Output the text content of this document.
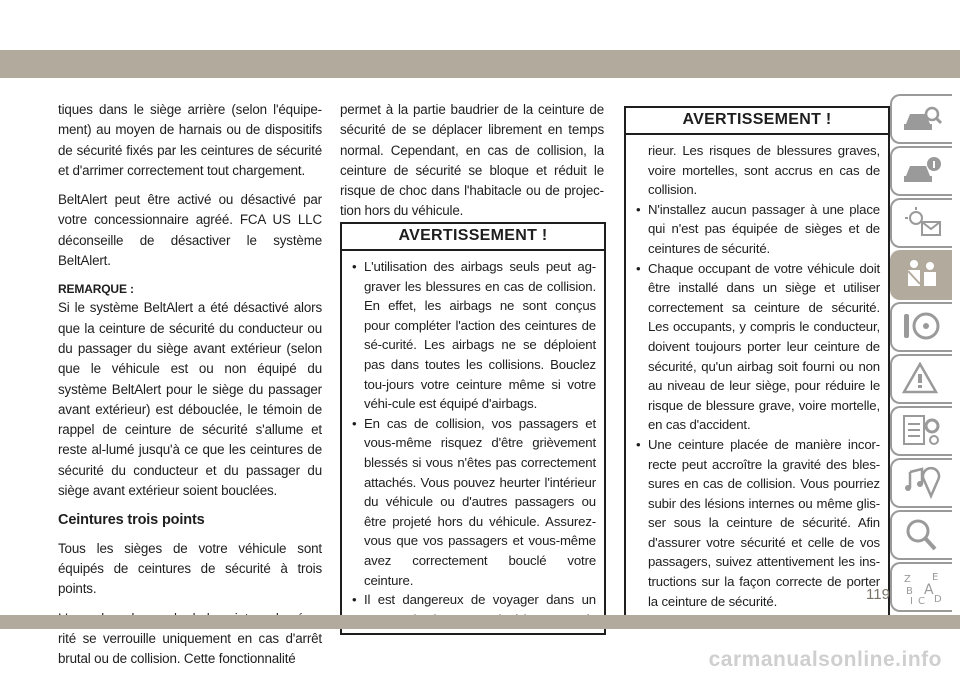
tiques dans le siège arrière (selon l'équipe-ment) au moyen de harnais ou de dispositifs de sécurité fixés par les ceintures de sécurité et d'arrimer correctement tout chargement.

BeltAlert peut être activé ou désactivé par votre concessionnaire agréé. FCA US LLC déconseille de désactiver le système BeltAlert.

REMARQUE :

Si le système BeltAlert a été désactivé alors que la ceinture de sécurité du conducteur ou du passager du siège avant extérieur (selon que le véhicule est ou non équipé du système BeltAlert pour le siège du passager avant extérieur) est débouclée, le témoin de rappel de ceinture de sécurité s'allume et reste al-lumé jusqu'à ce que les ceintures de sécurité du conducteur et du passager du siège avant extérieur soient bouclées.

Ceintures trois points

Tous les sièges de votre véhicule sont équipés de ceintures de sécurité à trois points.

rité se verrouille uniquement en cas d'arrêt brutal ou de collision. Cette fonctionnalité

permet à la partie baudrier de la ceinture de sécurité de se déplacer librement en temps normal. Cependant, en cas de collision, la ceinture de sécurité se bloque et réduit le risque de choc dans l'habitacle ou de projec-tion hors du véhicule.

AVERTISSEMENT !
• L'utilisation des airbags seuls peut ag-graver les blessures en cas de collision. En effet, les airbags ne sont conçus pour compléter l'action des ceintures de sé-curité. Les airbags ne se déploient pas dans toutes les collisions. Bouclez tou-jours votre ceinture même si votre véhi-cule est équipé d'airbags.
• En cas de collision, vos passagers et vous-même risquez d'être grièvement blessés si vous n'êtes pas correctement attachés. Vous pouvez heurter l'intérieur du véhicule ou d'autres passagers ou être projeté hors du véhicule. Assurez-vous que vos passagers et vous-même avez correctement bouclé votre ceinture.
• Il est dangereux de voyager dans un
AVERTISSEMENT !

rieur. Les risques de blessures graves, voire mortelles, sont accrus en cas de collision.

• N'installez aucun passager à une place qui n'est pas équipée de sièges et de ceintures de sécurité.
• Chaque occupant de votre véhicule doit être installé dans un siège et utiliser correctement sa ceinture de sécurité. Les occupants, y compris le conducteur, doivent toujours porter leur ceinture de sécurité, qu'un airbag soit fourni ou non au niveau de leur siège, pour réduire le risque de blessure grave, voire mortelle, en cas d'accident.
• Une ceinture placée de manière incor-recte peut accroître la gravité des bles-sures en cas de collision. Vous pourriez subir des lésions internes ou même glis-ser sous la ceinture de sécurité. Afin d'assurer votre sécurité et celle de vos passagers, suivez attentivement les ins-tructions sur la façon correcte de porter la ceinture de sécurité.
Z E
B A
I C D
119
carmanualsonline.info
